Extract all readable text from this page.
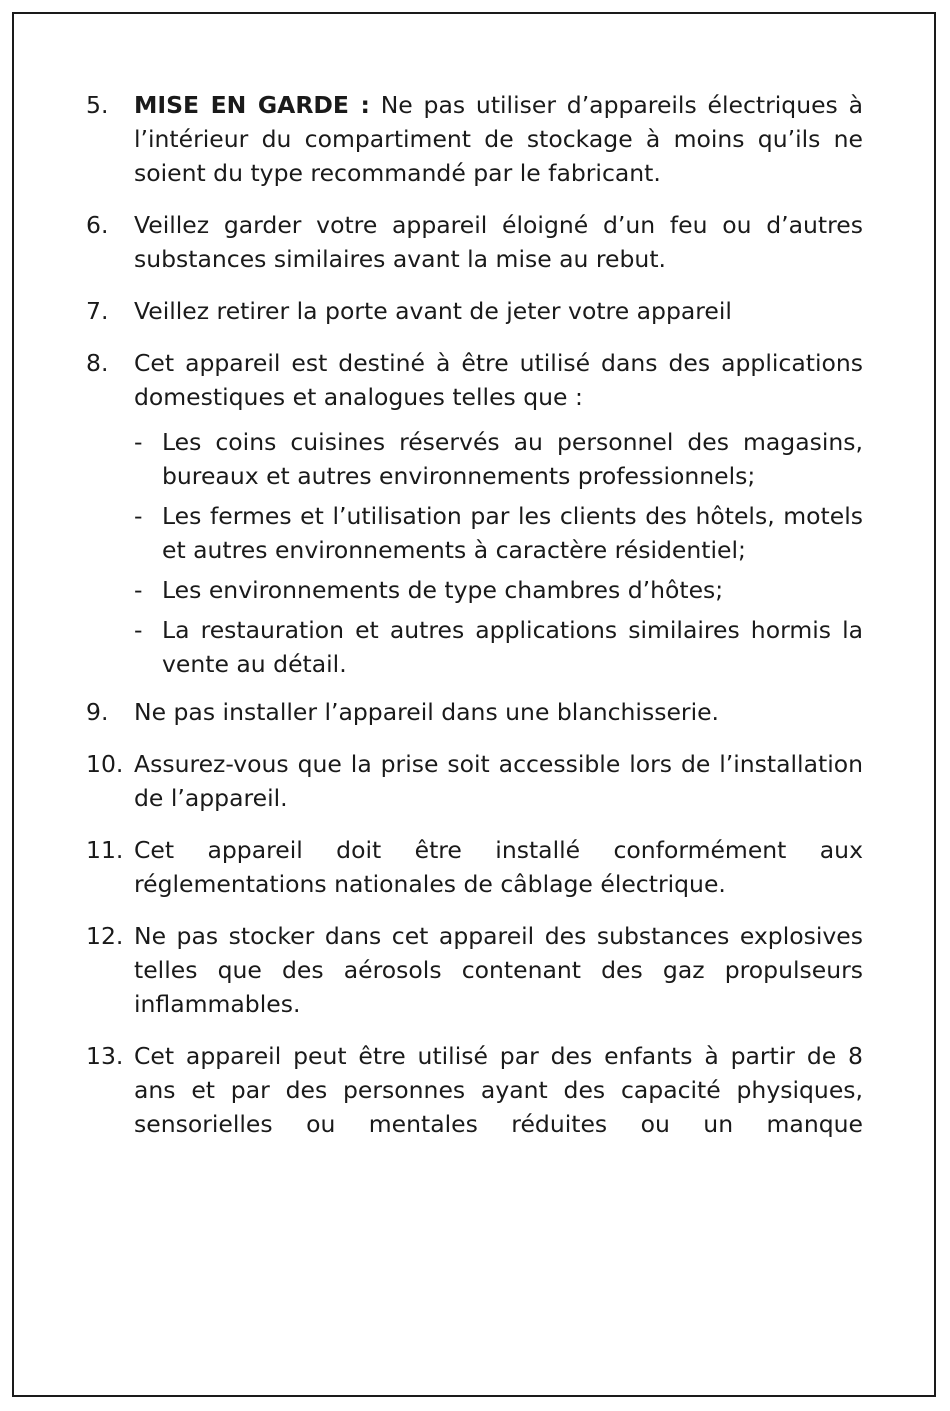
5.	MISE EN GARDE : Ne pas utiliser d’appareils électriques à l’intérieur du compartiment de stockage à moins qu’ils ne soient du type recommandé par le fabricant.
6.	Veillez garder votre appareil éloigné d’un feu ou d’autres substances similaires avant la mise au rebut.
7.	Veillez retirer la porte avant de jeter votre appareil
8.	Cet appareil est destiné à être utilisé dans des applications domestiques et analogues telles que :
- Les coins cuisines réservés au personnel des magasins, bureaux et autres environnements professionnels;
- Les fermes et l’utilisation par les clients des hôtels, motels et autres environnements à caractère résidentiel;
- Les environnements de type chambres d’hôtes;
- La restauration et autres applications similaires hormis la vente au détail.
9.	Ne pas installer l’appareil dans une blanchisserie.
10. Assurez-vous que la prise soit accessible lors de l’installation de l’appareil.
11. Cet appareil doit être installé conformément aux réglementations nationales de câblage électrique.
12. Ne pas stocker dans cet appareil des substances explosives telles que des aérosols contenant des gaz propulseurs inflammables.
13. Cet appareil peut être utilisé par des enfants à partir de 8 ans et par des personnes ayant des capacité physiques, sensorielles ou mentales réduites ou un manque
